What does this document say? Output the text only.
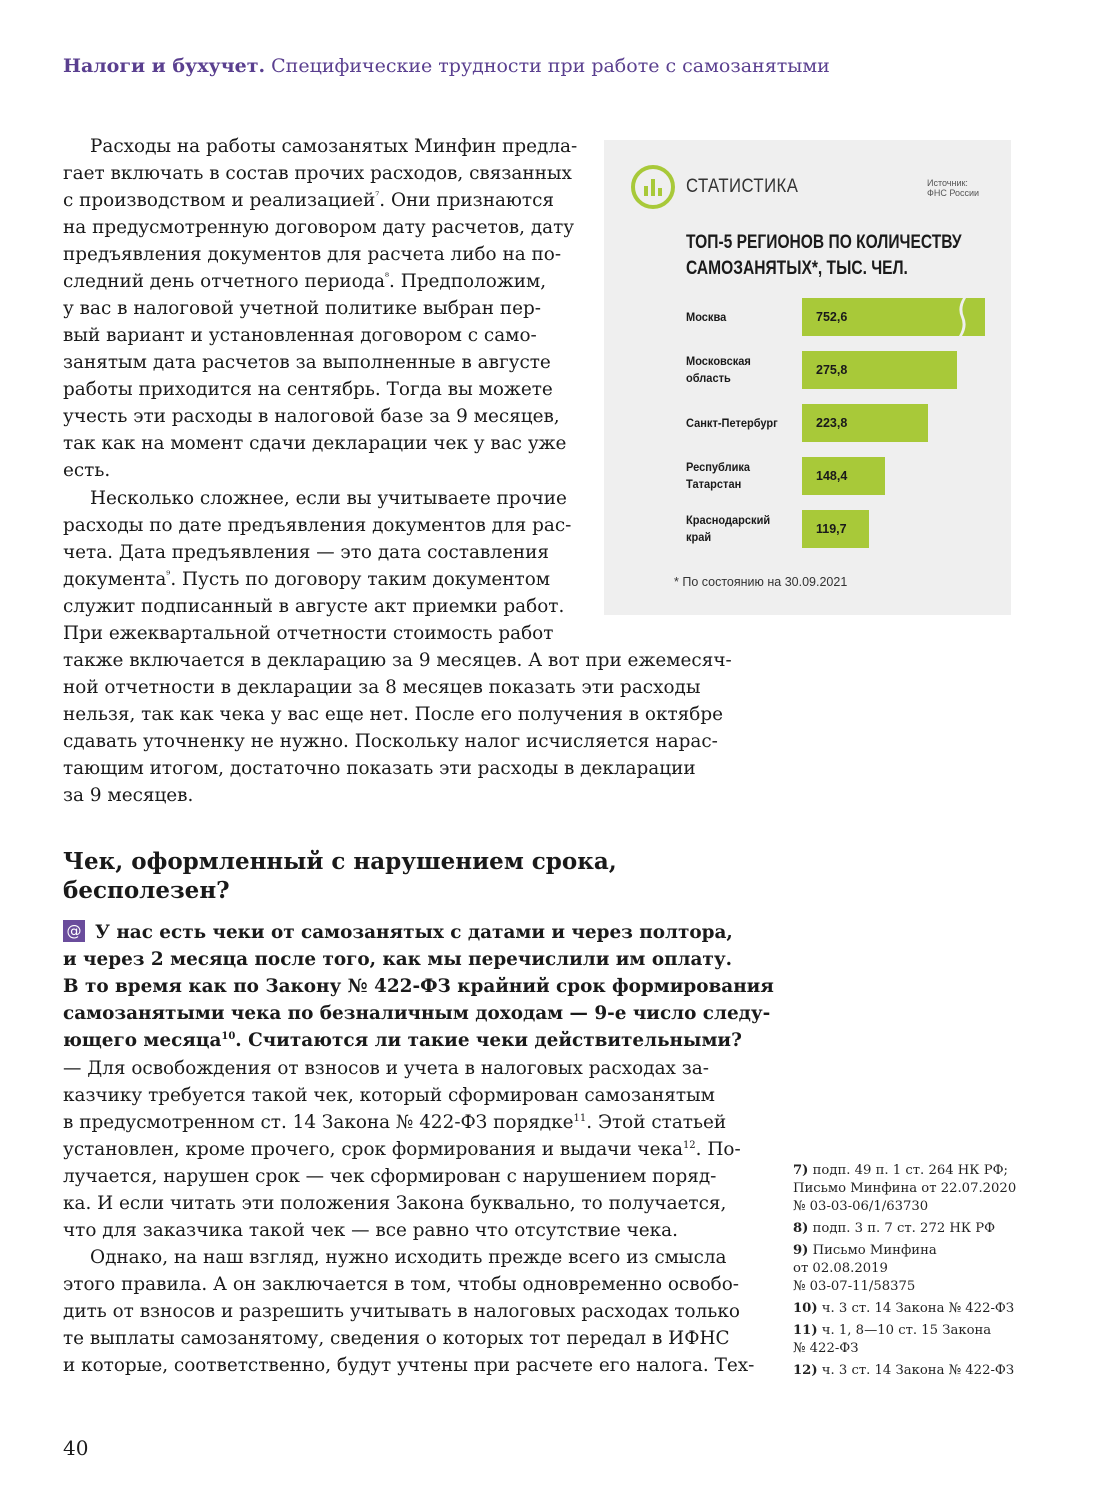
Налоги и бухучет. Специфические трудности при работе с самозанятыми
Расходы на работы самозанятых Минфин предла-
гает включать в состав прочих расходов, связанных
с производством и реализацией$^{^7}$. Они признаются
на предусмотренную договором дату расчетов, дату
предъявления документов для расчета либо на по-
следний день отчетного периода$^{^8}$. Предположим,
у вас в налоговой учетной политике выбран пер-
вый вариант и установленная договором с само-
занятым дата расчетов за выполненные в августе
работы приходится на сентябрь. Тогда вы можете
учесть эти расходы в налоговой базе за 9 месяцев,
так как на момент сдачи декларации чек у вас уже
есть.
Несколько сложнее, если вы учитываете прочие
расходы по дате предъявления документов для рас-
чета. Дата предъявления — это дата составления
документа$^{^9}$. Пусть по договору таким документом
служит подписанный в августе акт приемки работ.
При ежеквартальной отчетности стоимость работ
также включается в декларацию за 9 месяцев. А вот при ежемесяч-
ной отчетности в декларации за 8 месяцев показать эти расходы
нельзя, так как чека у вас еще нет. После его получения в октябре
сдавать уточненку не нужно. Поскольку налог исчисляется нарас-
тающим итогом, достаточно показать эти расходы в декларации
за 9 месяцев.
Чек, оформленный с нарушением срока,
бесполезен?
@ У нас есть чеки от самозанятых с датами и через полтора,
и через 2 месяца после того, как мы перечислили им оплату.
В то время как по Закону № 422-ФЗ крайний срок формирования
самозанятыми чека по безналичным доходам — 9-е число следу-
ющего месяца$^{10}$. Считаются ли такие чеки действительными?
— Для освобождения от взносов и учета в налоговых расходах за-
казчику требуется такой чек, который сформирован самозанятым
в предусмотренном ст. 14 Закона № 422-ФЗ порядке$^{11}$. Этой статьей
установлен, кроме прочего, срок формирования и выдачи чека$^{12}$. По-
лучается, нарушен срок — чек сформирован с нарушением поряд-
ка. И если читать эти положения Закона буквально, то получается,
что для заказчика такой чек — все равно что отсутствие чека.
Однако, на наш взгляд, нужно исходить прежде всего из смысла
этого правила. А он заключается в том, чтобы одновременно освобо-
дить от взносов и разрешить учитывать в налоговых расходах только
те выплаты самозанятому, сведения о которых тот передал в ИФНС
и которые, соответственно, будут учтены при расчете его налога. Тех-
7) подп. 49 п. 1 ст. 264 НК РФ;
Письмо Минфина от 22.07.2020
№ 03-03-06/1/63730
8) подп. 3 п. 7 ст. 272 НК РФ
9) Письмо Минфина
от 02.08.2019
№ 03-07-11/58375
10) ч. 3 ст. 14 Закона № 422-ФЗ
11) ч. 1, 8—10 ст. 15 Закона
№ 422-ФЗ
12) ч. 3 ст. 14 Закона № 422-ФЗ
40
СТАТИСТИКА	Источник:
ФНС России
ТОП-5 РЕГИОНОВ ПО КОЛИЧЕСТВУ
САМОЗАНЯТЫХ*, ТЫС. ЧЕЛ.
752,6
Москва
275,8
Московская
область
223,8
Санкт-Петербург
148,4
Республика
Татарстан
119,7
Краснодарский
край
* По состоянию на 30.09.2021
